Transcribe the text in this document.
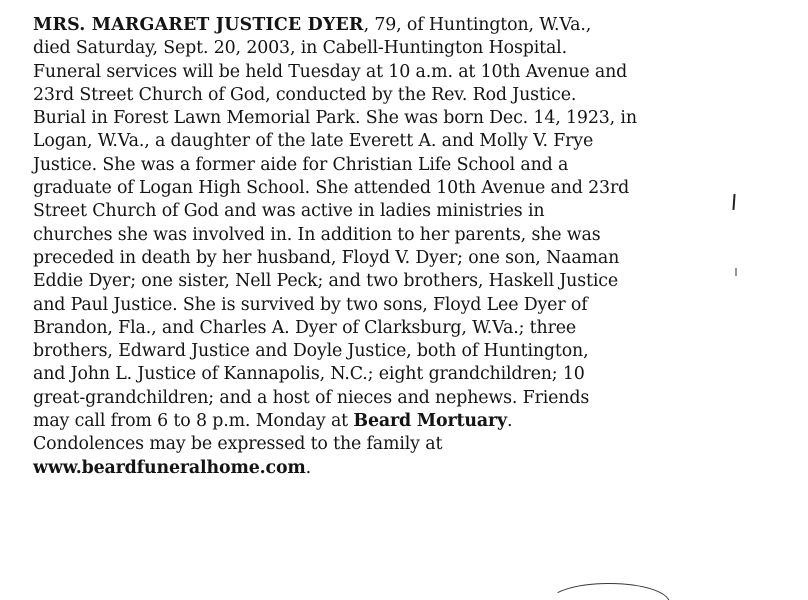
MRS. MARGARET JUSTICE DYER, 79, of Huntington, W.Va.,
died Saturday, Sept. 20, 2003, in Cabell-Huntington Hospital.
Funeral services will be held Tuesday at 10 a.m. at 10th Avenue and
23rd Street Church of God, conducted by the Rev. Rod Justice.
Burial in Forest Lawn Memorial Park. She was born Dec. 14, 1923, in
Logan, W.Va., a daughter of the late Everett A. and Molly V. Frye
Justice. She was a former aide for Christian Life School and a
graduate of Logan High School. She attended 10th Avenue and 23rd
Street Church of God and was active in ladies ministries in
churches she was involved in. In addition to her parents, she was
preceded in death by her husband, Floyd V. Dyer; one son, Naaman
Eddie Dyer; one sister, Nell Peck; and two brothers, Haskell Justice
and Paul Justice. She is survived by two sons, Floyd Lee Dyer of
Brandon, Fla., and Charles A. Dyer of Clarksburg, W.Va.; three
brothers, Edward Justice and Doyle Justice, both of Huntington,
and John L. Justice of Kannapolis, N.C.; eight grandchildren; 10
great-grandchildren; and a host of nieces and nephews. Friends
may call from 6 to 8 p.m. Monday at Beard Mortuary.
Condolences may be expressed to the family at
www.beardfuneralhome.com.
